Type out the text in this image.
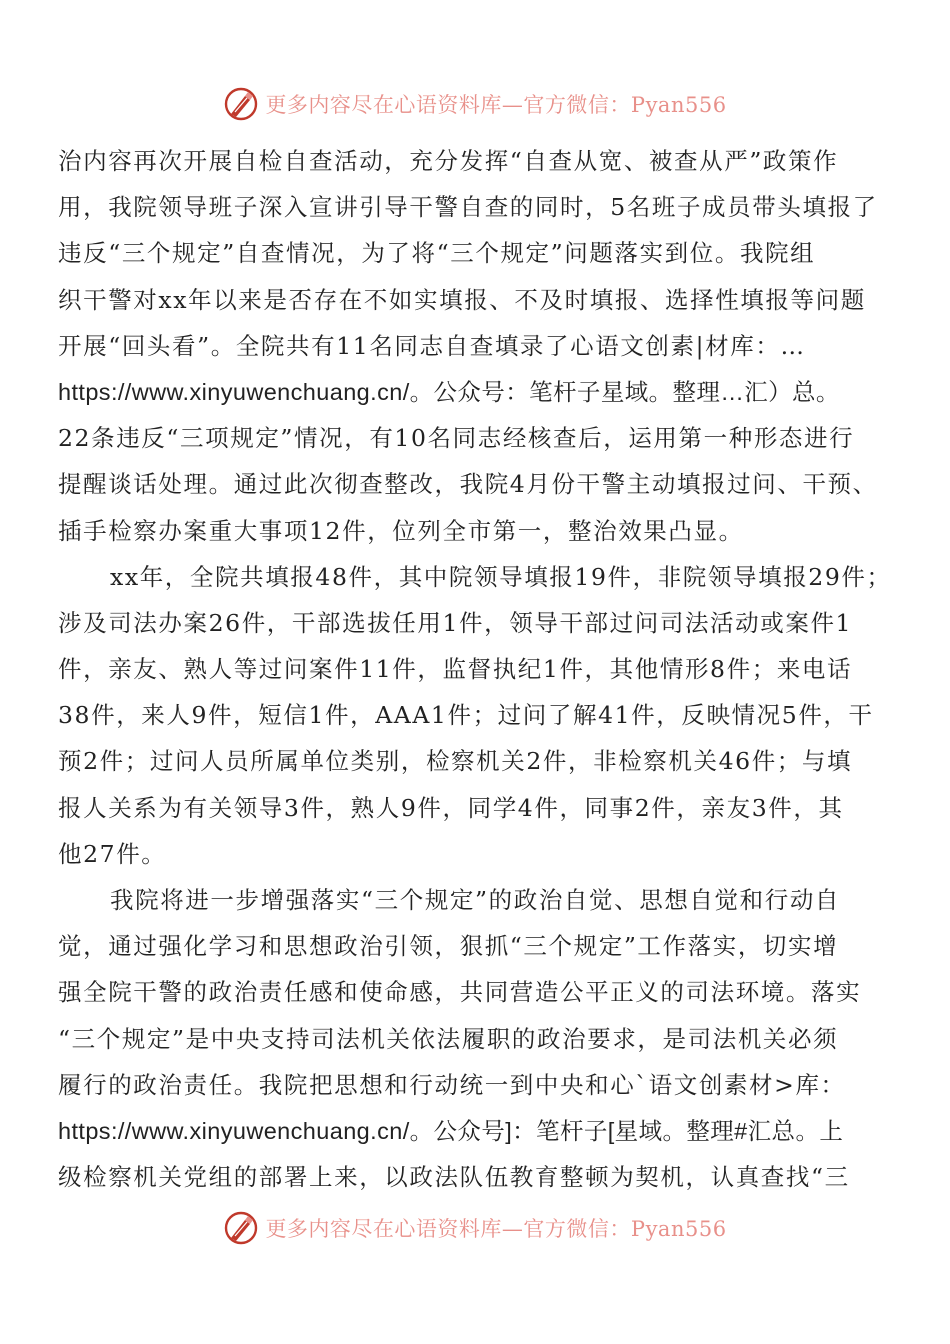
更多内容尽在心语资料库—官方微信：Pyan556
治内容再次开展自检自查活动，充分发挥“自查从宽、被查从严”政策作
用，我院领导班子深入宣讲引导干警自查的同时，5名班子成员带头填报了
违反“三个规定”自查情况，为了将“三个规定”问题落实到位。我院组
织干警对xx年以来是否存在不如实填报、不及时填报、选择性填报等问题
开展“回头看”。全院共有11名同志自查填录了心语文创素|材库：…
https://www.xinyuwenchuang.cn/。公众号：笔杆子星域。整理…汇）总。
22条违反“三项规定”情况，有10名同志经核查后，运用第一种形态进行
提醒谈话处理。通过此次彻查整改，我院4月份干警主动填报过问、干预、
插手检察办案重大事项12件，位列全市第一，整治效果凸显。
xx年，全院共填报48件，其中院领导填报19件，非院领导填报29件；
涉及司法办案26件，干部选拔任用1件，领导干部过问司法活动或案件1
件，亲友、熟人等过问案件11件，监督执纪1件，其他情形8件；来电话
38件，来人9件，短信1件，AAA1件；过问了解41件，反映情况5件，干
预2件；过问人员所属单位类别，检察机关2件，非检察机关46件；与填
报人关系为有关领导3件，熟人9件，同学4件，同事2件，亲友3件，其
他27件。
我院将进一步增强落实“三个规定”的政治自觉、思想自觉和行动自
觉，通过强化学习和思想政治引领，狠抓“三个规定”工作落实，切实增
强全院干警的政治责任感和使命感，共同营造公平正义的司法环境。落实
“三个规定”是中央支持司法机关依法履职的政治要求，是司法机关必须
履行的政治责任。我院把思想和行动统一到中央和心`语文创素材>库：
https://www.xinyuwenchuang.cn/。公众号]：笔杆子[星域。整理#汇总。上
级检察机关党组的部署上来，以政法队伍教育整顿为契机，认真查找“三
更多内容尽在心语资料库—官方微信：Pyan556
